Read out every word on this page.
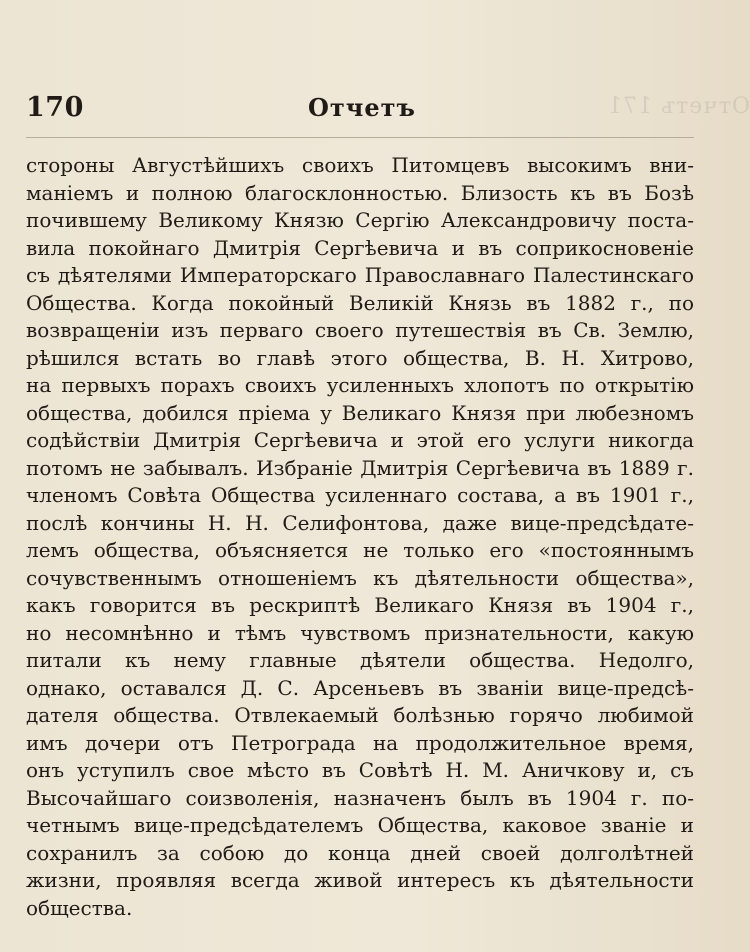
Отчетъ 171
170	Отчетъ
стороны Августѣйшихъ своихъ Питомцевъ высокимъ вни-
маніемъ и полною благосклонностью. Близость къ въ Бозѣ
почившему Великому Князю Сергію Александровичу поста-
вила покойнаго Дмитрія Сергѣевича и въ соприкосновеніе
съ дѣятелями Императорскаго Православнаго Палестинскаго
Общества. Когда покойный Великій Князь въ 1882 г., по
возвращеніи изъ перваго своего путешествія въ Св. Землю,
рѣшился встать во главѣ этого общества, В. Н. Хитрово,
на первыхъ порахъ своихъ усиленныхъ хлопотъ по открытію
общества, добился пріема у Великаго Князя при любезномъ
содѣйствіи Дмитрія Сергѣевича и этой его услуги никогда
потомъ не забывалъ. Избраніе Дмитрія Сергѣевича въ 1889 г.
членомъ Совѣта Общества усиленнаго состава, а въ 1901 г.,
послѣ кончины Н. Н. Селифонтова, даже вице-предсѣдате-
лемъ общества, объясняется не только его «постояннымъ
сочувственнымъ отношеніемъ къ дѣятельности общества»,
какъ говорится въ рескриптѣ Великаго Князя въ 1904 г.,
но несомнѣнно и тѣмъ чувствомъ признательности, какую
питали къ нему главные дѣятели общества. Недолго,
однако, оставался Д. С. Арсеньевъ въ званіи вице-предсѣ-
дателя общества. Отвлекаемый болѣзнью горячо любимой
имъ дочери отъ Петрограда на продолжительное время,
онъ уступилъ свое мѣсто въ Совѣтѣ Н. М. Аничкову и, съ
Высочайшаго соизволенія, назначенъ былъ въ 1904 г. по-
четнымъ вице-предсѣдателемъ Общества, каковое званіе и
сохранилъ за собою до конца дней своей долголѣтней
жизни, проявляя всегда живой интересъ къ дѣятельности
общества.
